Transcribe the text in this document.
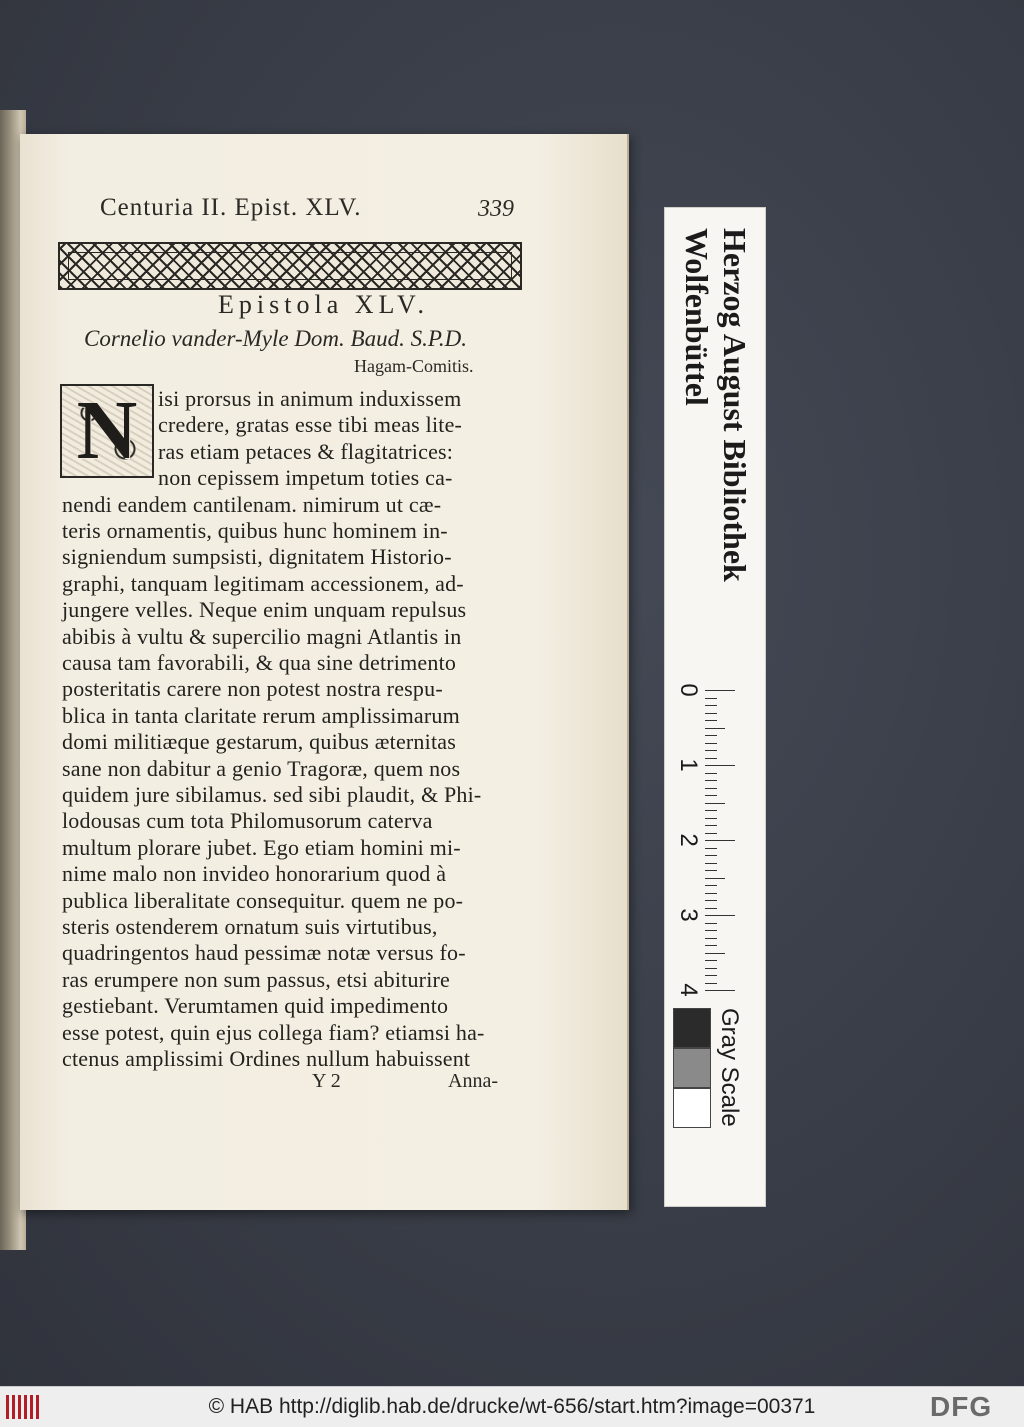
Centuria II. Epist. XLV.	339
Epistola XLV.
Cornelio vander-Myle Dom. Baud. S.P.D.
Hagam-Comitis.
N isi prorsus in animum induxissem
credere, gratas esse tibi meas lite-
ras etiam petaces & flagitatrices:
non cepissem impetum toties ca-
nendi eandem cantilenam. nimirum ut cæ-
teris ornamentis, quibus hunc hominem in-
signiendum sumpsisti, dignitatem Historio-
graphi, tanquam legitimam accessionem, ad-
jungere velles. Neque enim unquam repulsus
abibis à vultu & supercilio magni Atlantis in
causa tam favorabili, & qua sine detrimento
posteritatis carere non potest nostra respu-
blica in tanta claritate rerum amplissimarum
domi militiæque gestarum, quibus æternitas
sane non dabitur a genio Tragoræ, quem nos
quidem jure sibilamus. sed sibi plaudit, & Phi-
lodousas cum tota Philomusorum caterva
multum plorare jubet. Ego etiam homini mi-
nime malo non invideo honorarium quod à
publica liberalitate consequitur. quem ne po-
steris ostenderem ornatum suis virtutibus,
quadringentos haud pessimæ notæ versus fo-
ras erumpere non sum passus, etsi abiturire
gestiebant. Verumtamen quid impedimento
esse potest, quin ejus collega fiam? etiamsi ha-
ctenus amplissimi Ordines nullum habuissent
Y 2	Anna-
Herzog August Bibliothek
Wolfenbüttel
0
1
2
3
4
Gray Scale
© HAB http://diglib.hab.de/drucke/wt-656/start.htm?image=00371	DFG
